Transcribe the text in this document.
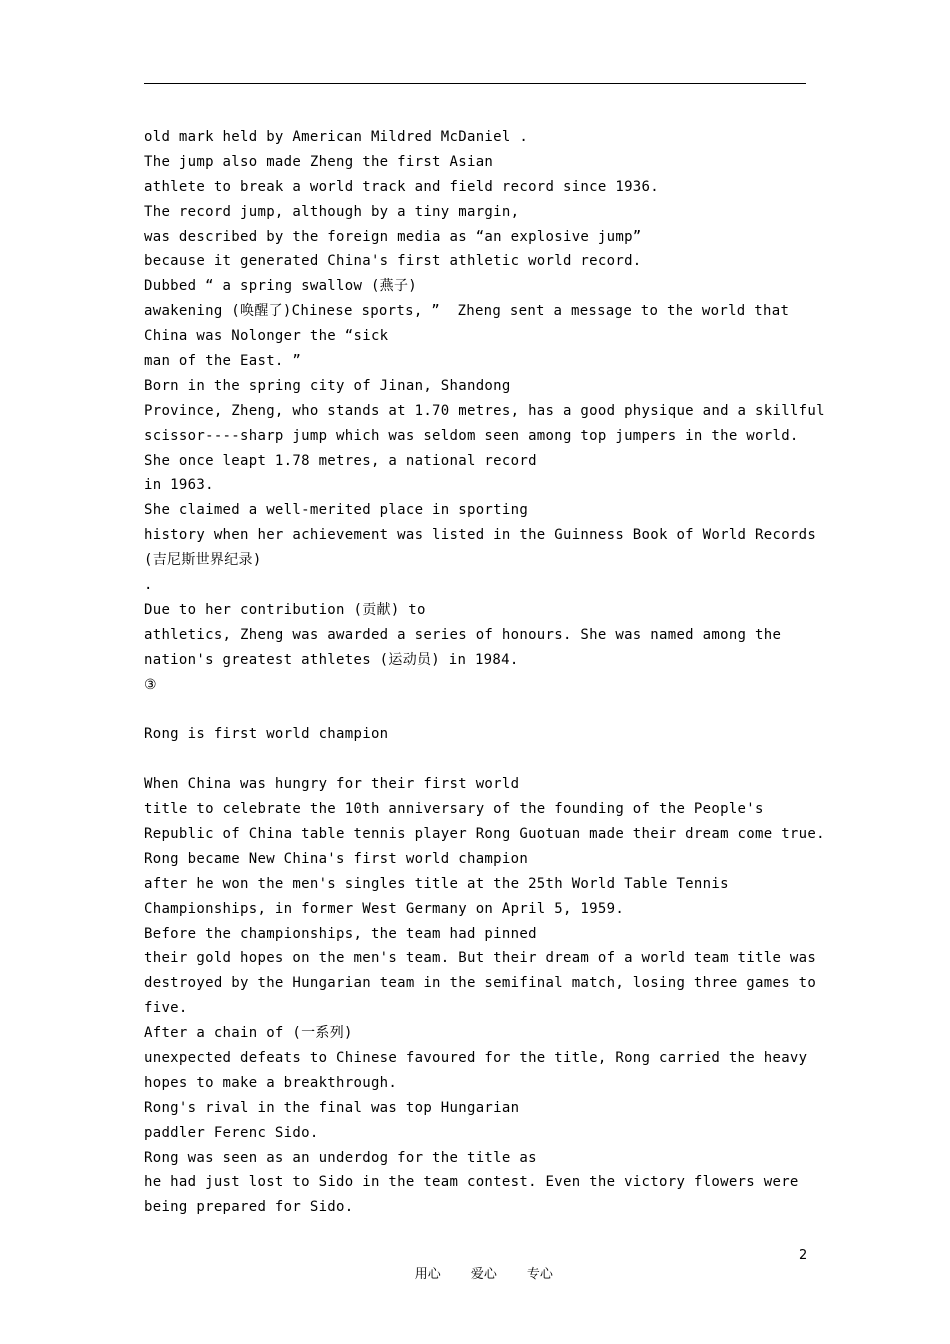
old mark held by American Mildred McDaniel .
The jump also made Zheng the first Asian
athlete to break a world track and field record since 1936.
The record jump, although by a tiny margin,
was described by the foreign media as “an explosive jump”
because it generated China's first athletic world record.
Dubbed “ a spring swallow (燕子)
awakening (唤醒了)Chinese sports, ”  Zheng sent a message to the world that
China was Nolonger the “sick
man of the East. ”
Born in the spring city of Jinan, Shandong
Province, Zheng, who stands at 1.70 metres, has a good physique and a skillful
scissor----sharp jump which was seldom seen among top jumpers in the world.
She once leapt 1.78 metres, a national record
in 1963.
She claimed a well-merited place in sporting
history when her achievement was listed in the Guinness Book of World Records
(吉尼斯世界纪录)
.
Due to her contribution (贡献) to
athletics, Zheng was awarded a series of honours. She was named among the
nation's greatest athletes (运动员) in 1984.
③
Rong is first world champion
When China was hungry for their first world
title to celebrate the 10th anniversary of the founding of the People's
Republic of China table tennis player Rong Guotuan made their dream come true.
Rong became New China's first world champion
after he won the men's singles title at the 25th World Table Tennis
Championships, in former West Germany on April 5, 1959.
Before the championships, the team had pinned
their gold hopes on the men's team. But their dream of a world team title was
destroyed by the Hungarian team in the semifinal match, losing three games to
five.
After a chain of (一系列)
unexpected defeats to Chinese favoured for the title, Rong carried the heavy
hopes to make a breakthrough.
Rong's rival in the final was top Hungarian
paddler Ferenc Sido.
Rong was seen as an underdog for the title as
he had just lost to Sido in the team contest. Even the victory flowers were
being prepared for Sido.

用心 爱心 专心

2
